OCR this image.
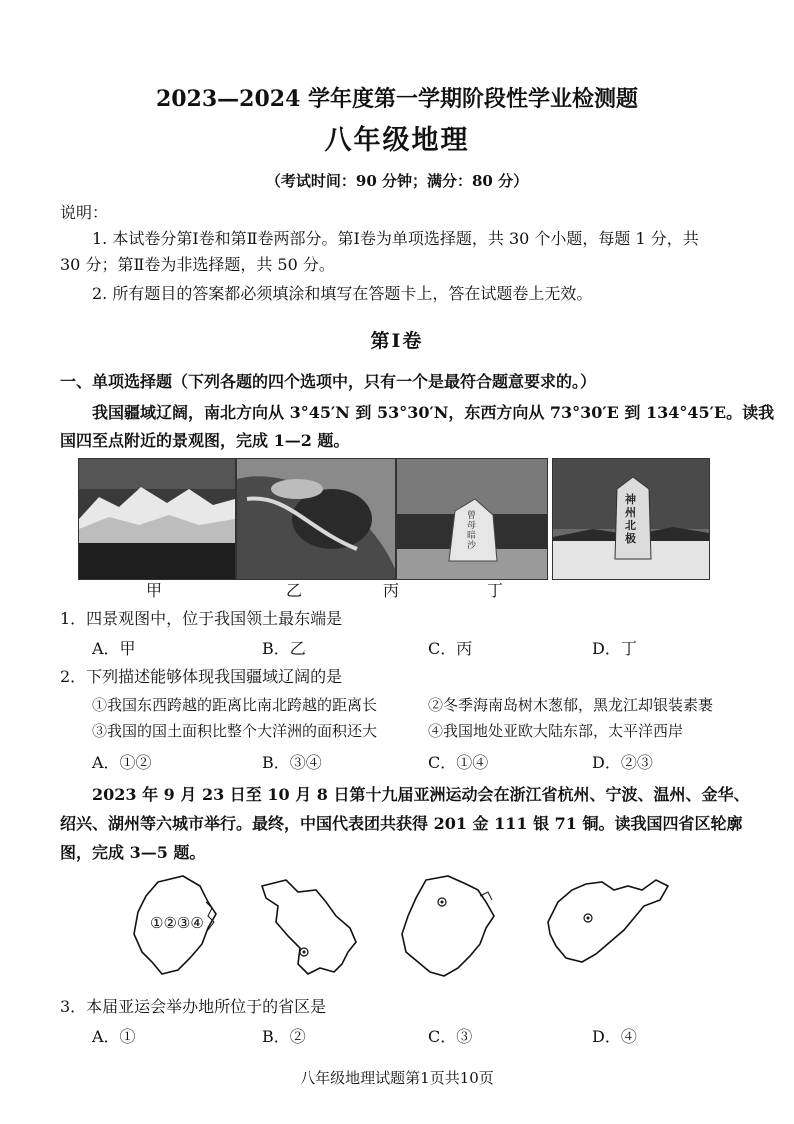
2023—2024 学年度第一学期阶段性学业检测题
八年级地理
（考试时间：90 分钟；满分：80 分）
说明：
1. 本试卷分第Ⅰ卷和第Ⅱ卷两部分。第Ⅰ卷为单项选择题，共 30 个小题，每题 1 分，共
30 分；第Ⅱ卷为非选择题，共 50 分。
2. 所有题目的答案都必须填涂和填写在答题卡上，答在试题卷上无效。
第Ⅰ卷
一、单项选择题（下列各题的四个选项中，只有一个是最符合题意要求的。）
我国疆域辽阔，南北方向从 3°45′N 到 53°30′N，东西方向从 73°30′E 到 134°45′E。读我
国四至点附近的景观图，完成 1—2 题。
曾母暗沙
神州北极
甲	乙	丙	丁
1．四景观图中，位于我国领土最东端是
A．甲	B．乙	C．丙	D．丁
2．下列描述能够体现我国疆域辽阔的是
①我国东西跨越的距离比南北跨越的距离长	②冬季海南岛树木葱郁，黑龙江却银装素裹
③我国的国土面积比整个大洋洲的面积还大	④我国地处亚欧大陆东部，太平洋西岸
A．①②	B．③④	C．①④	D．②③
2023 年 9 月 23 日至 10 月 8 日第十九届亚洲运动会在浙江省杭州、宁波、温州、金华、
绍兴、湖州等六城市举行。最终，中国代表团共获得 201 金 111 银 71 铜。读我国四省区轮廓
图，完成 3—5 题。
①②③④
3．本届亚运会举办地所位于的省区是
A．①	B．②	C．③	D．④
八年级地理试题第1页共10页
